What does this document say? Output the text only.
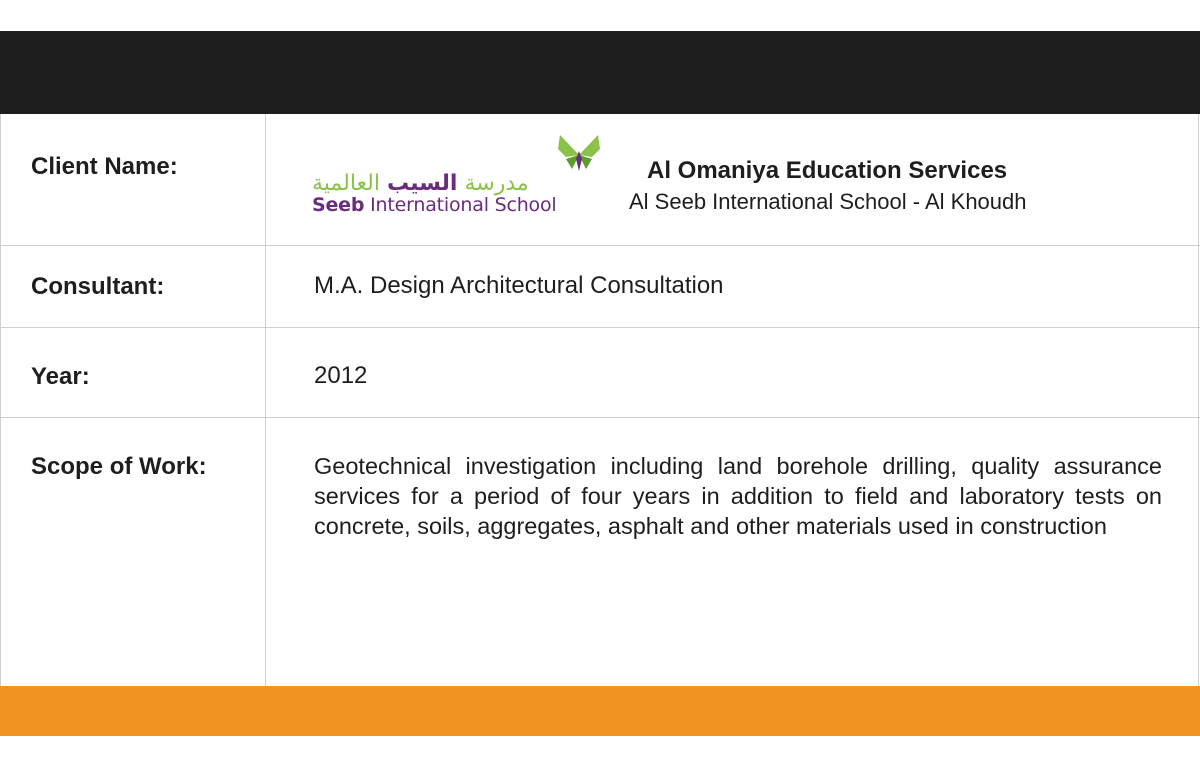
Client Name:
مدرسة السيب العالمية
Seeb International School
Al Omaniya Education Services
Al Seeb International School - Al Khoudh
Consultant:	M.A. Design Architectural Consultation
Year:	2012
Scope of Work:	Geotechnical investigation including land borehole drilling, quality assurance services for a period of four years in addition to field and laboratory tests on concrete, soils, aggregates, asphalt and other materials used in construction
